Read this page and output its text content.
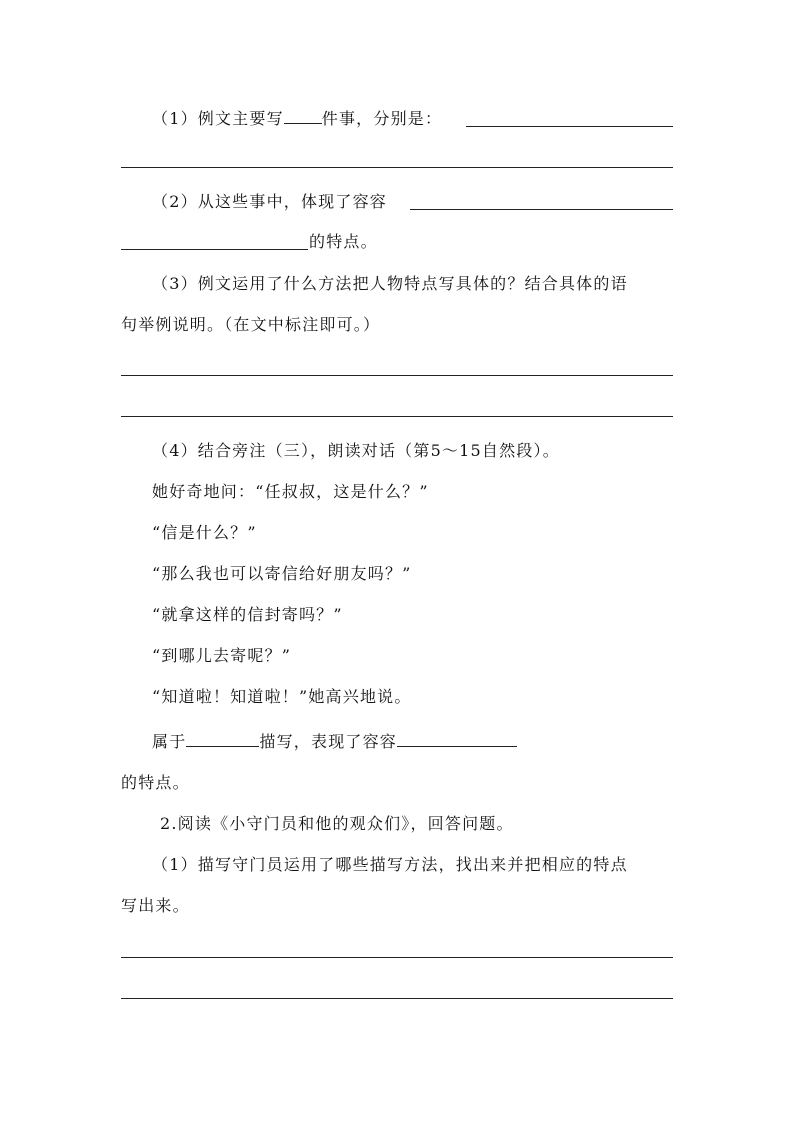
（1）例文主要写 件事，分别是：
（2）从这些事中，体现了容容
的特点。
（3）例文运用了什么方法把人物特点写具体的？结合具体的语
句举例说明。（在文中标注即可。）
（4）结合旁注（三），朗读对话（第5～15自然段）。
她好奇地问：“任叔叔，这是什么？”
“信是什么？”
“那么我也可以寄信给好朋友吗？”
“就拿这样的信封寄吗？”
“到哪儿去寄呢？”
“知道啦！知道啦！”她高兴地说。
属于	描写，表现了容容
的特点。
2.阅读《小守门员和他的观众们》，回答问题。
（1）描写守门员运用了哪些描写方法，找出来并把相应的特点
写出来。
